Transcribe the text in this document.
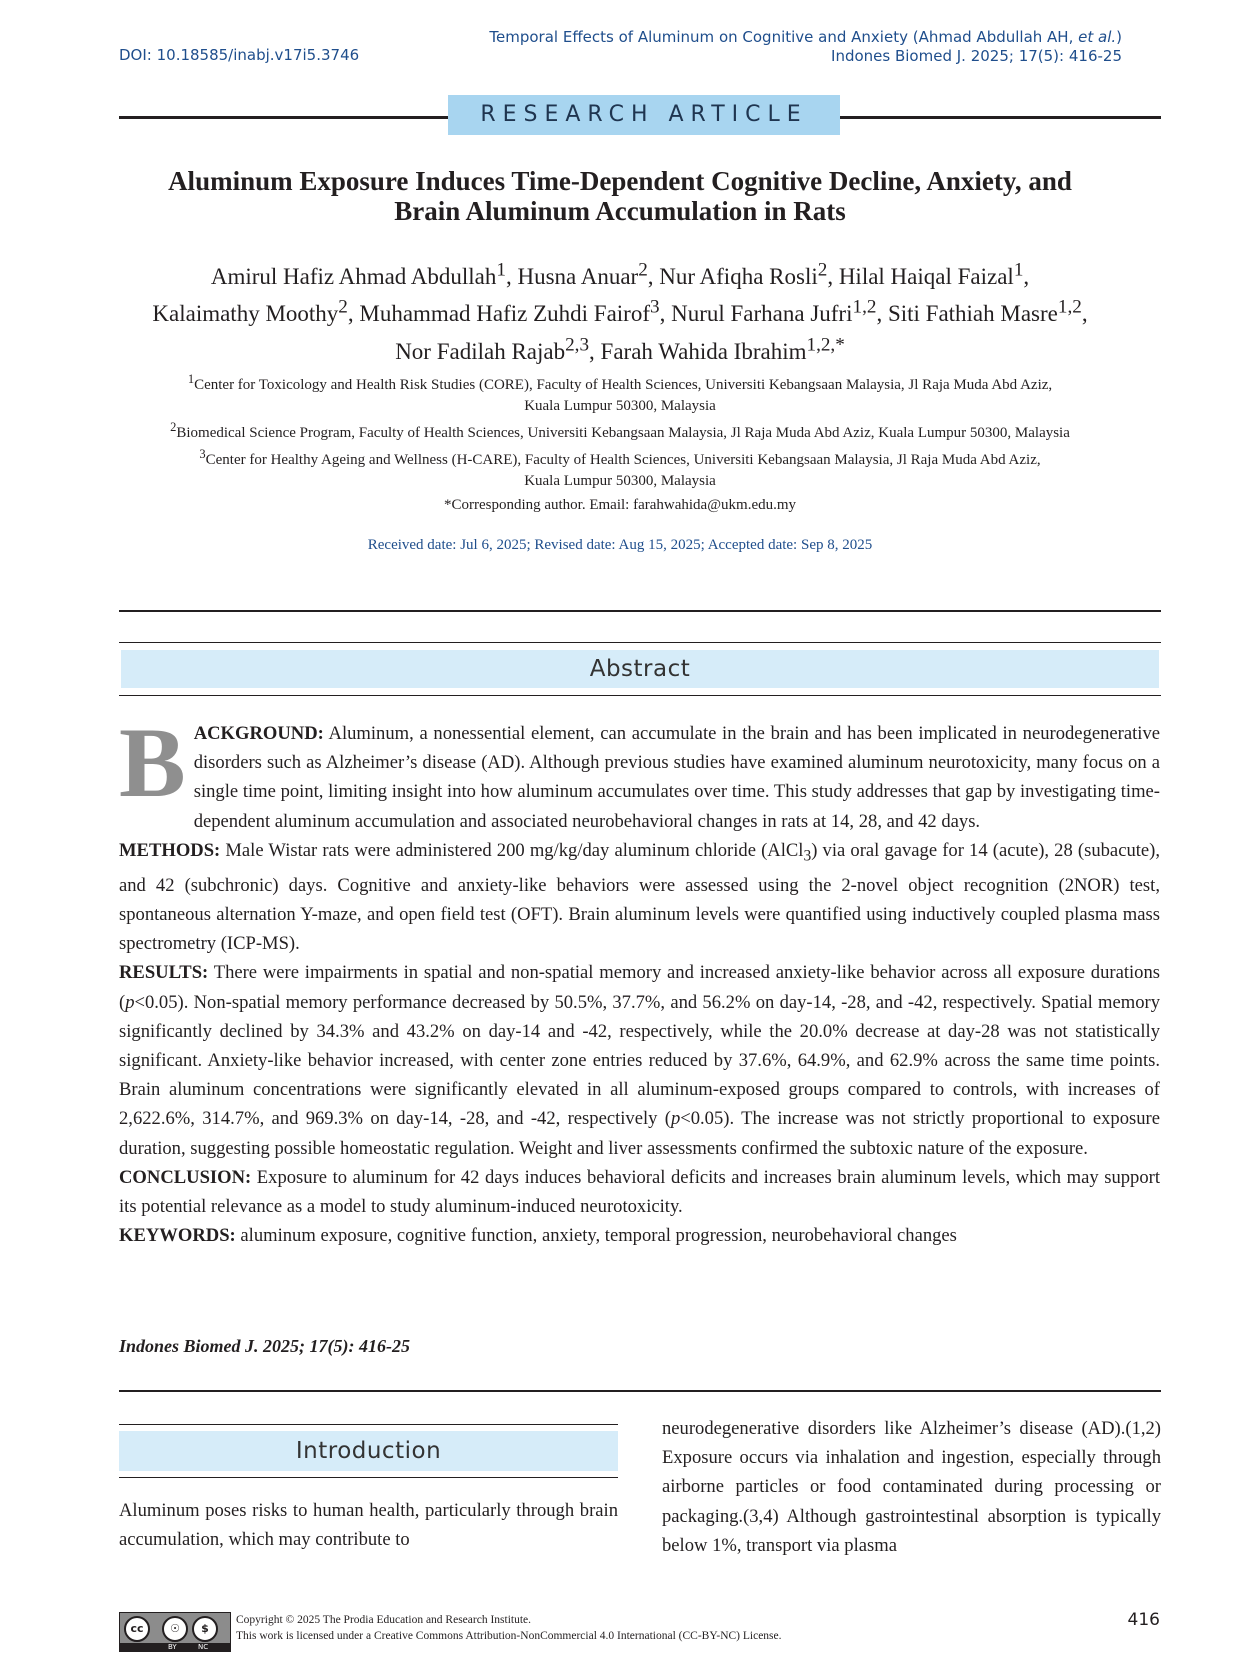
DOI: 10.18585/inabj.v17i5.3746
Temporal Effects of Aluminum on Cognitive and Anxiety (Ahmad Abdullah AH, et al.)
Indones Biomed J. 2025; 17(5): 416-25
RESEARCH ARTICLE
Aluminum Exposure Induces Time-Dependent Cognitive Decline, Anxiety, and
Brain Aluminum Accumulation in Rats
Amirul Hafiz Ahmad Abdullah$^1$, Husna Anuar$^2$, Nur Afiqha Rosli$^2$, Hilal Haiqal Faizal$^1$,
Kalaimathy Moothy$^2$, Muhammad Hafiz Zuhdi Fairof$^3$, Nurul Farhana Jufri$^{1,2}$, Siti Fathiah Masre$^{1,2}$,
Nor Fadilah Rajab$^{2,3}$, Farah Wahida Ibrahim$^{1,2,*}$
$^1$Center for Toxicology and Health Risk Studies (CORE), Faculty of Health Sciences, Universiti Kebangsaan Malaysia, Jl Raja Muda Abd Aziz,
Kuala Lumpur 50300, Malaysia
$^2$Biomedical Science Program, Faculty of Health Sciences, Universiti Kebangsaan Malaysia, Jl Raja Muda Abd Aziz, Kuala Lumpur 50300, Malaysia
$^3$Center for Healthy Ageing and Wellness (H-CARE), Faculty of Health Sciences, Universiti Kebangsaan Malaysia, Jl Raja Muda Abd Aziz,
Kuala Lumpur 50300, Malaysia
*Corresponding author. Email: farahwahida@ukm.edu.my
Received date: Jul 6, 2025; Revised date: Aug 15, 2025; Accepted date: Sep 8, 2025
Abstract

BACKGROUND: Aluminum, a nonessential element, can accumulate in the brain and has been implicated in neurodegenerative disorders such as Alzheimer’s disease (AD). Although previous studies have examined aluminum neurotoxicity, many focus on a single time point, limiting insight into how aluminum accumulates over time. This study addresses that gap by investigating time-dependent aluminum accumulation and associated neurobehavioral changes in rats at 14, 28, and 42 days.

METHODS: Male Wistar rats were administered 200 mg/kg/day aluminum chloride (AlCl$_3$) via oral gavage for 14 (acute), 28 (subacute), and 42 (subchronic) days. Cognitive and anxiety-like behaviors were assessed using the 2-novel object recognition (2NOR) test, spontaneous alternation Y-maze, and open field test (OFT). Brain aluminum levels were quantified using inductively coupled plasma mass spectrometry (ICP-MS).

RESULTS: There were impairments in spatial and non-spatial memory and increased anxiety-like behavior across all exposure durations (p<0.05). Non-spatial memory performance decreased by 50.5%, 37.7%, and 56.2% on day-14, -28, and -42, respectively. Spatial memory significantly declined by 34.3% and 43.2% on day-14 and -42, respectively, while the 20.0% decrease at day-28 was not statistically significant. Anxiety-like behavior increased, with center zone entries reduced by 37.6%, 64.9%, and 62.9% across the same time points. Brain aluminum concentrations were significantly elevated in all aluminum-exposed groups compared to controls, with increases of 2,622.6%, 314.7%, and 969.3% on day-14, -28, and -42, respectively (p<0.05). The increase was not strictly proportional to exposure duration, suggesting possible homeostatic regulation. Weight and liver assessments confirmed the subtoxic nature of the exposure.

CONCLUSION: Exposure to aluminum for 42 days induces behavioral deficits and increases brain aluminum levels, which may support its potential relevance as a model to study aluminum-induced neurotoxicity.

KEYWORDS: aluminum exposure, cognitive function, anxiety, temporal progression, neurobehavioral changes

Indones Biomed J. 2025; 17(5): 416-25
Introduction
Aluminum poses risks to human health, particularly through brain accumulation, which may contribute to
neurodegenerative disorders like Alzheimer’s disease (AD).(1,2) Exposure occurs via inhalation and ingestion, especially through airborne particles or food contaminated during processing or packaging.(3,4) Although gastrointestinal absorption is typically below 1%, transport via plasma
cc	☉	$
BY	NC
Copyright © 2025 The Prodia Education and Research Institute.
This work is licensed under a Creative Commons Attribution-NonCommercial 4.0 International (CC-BY-NC) License.
416
